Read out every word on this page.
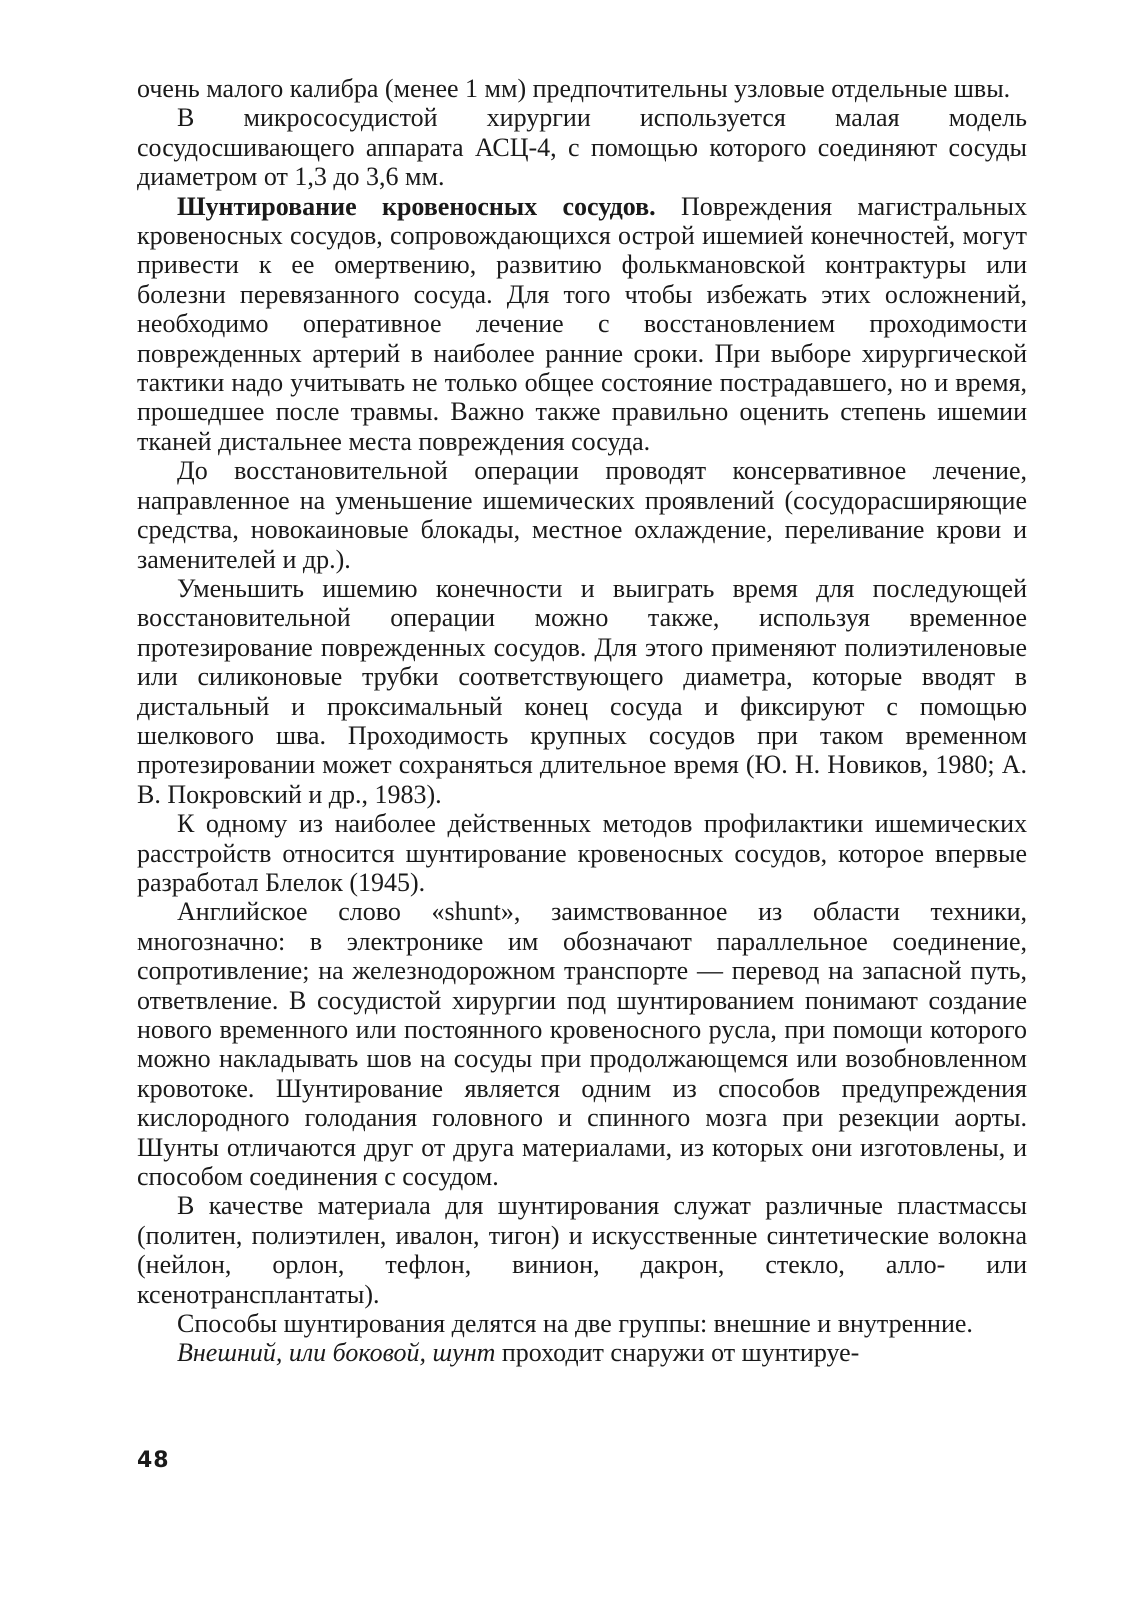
очень малого калибра (менее 1 мм) предпочтительны узловые отдельные швы.

В микрососудистой хирургии используется малая модель сосудосшивающего аппарата АСЦ-4, с помощью которого соединяют сосуды диаметром от 1,3 до 3,6 мм.

Шунтирование кровеносных сосудов. Повреждения магистральных кровеносных сосудов, сопровождающихся острой ишемией конечностей, могут привести к ее омертвению, развитию фолькмановской контрактуры или болезни перевязанного сосуда. Для того чтобы избежать этих осложнений, необходимо оперативное лечение с восстановлением проходимости поврежденных артерий в наиболее ранние сроки. При выборе хирургической тактики надо учитывать не только общее состояние пострадавшего, но и время, прошедшее после травмы. Важно также правильно оценить степень ишемии тканей дистальнее места повреждения сосуда.

До восстановительной операции проводят консервативное лечение, направленное на уменьшение ишемических проявлений (сосудорасширяющие средства, новокаиновые блокады, местное охлаждение, переливание крови и заменителей и др.).

Уменьшить ишемию конечности и выиграть время для последующей восстановительной операции можно также, используя временное протезирование поврежденных сосудов. Для этого применяют полиэтиленовые или силиконовые трубки соответствующего диаметра, которые вводят в дистальный и проксимальный конец сосуда и фиксируют с помощью шелкового шва. Проходимость крупных сосудов при таком временном протезировании может сохраняться длительное время (Ю. Н. Новиков, 1980; А. В. Покровский и др., 1983).

К одному из наиболее действенных методов профилактики ишемических расстройств относится шунтирование кровеносных сосудов, которое впервые разработал Блелок (1945).

Английское слово «shunt», заимствованное из области техники, многозначно: в электронике им обозначают параллельное соединение, сопротивление; на железнодорожном транспорте — перевод на запасной путь, ответвление. В сосудистой хирургии под шунтированием понимают создание нового временного или постоянного кровеносного русла, при помощи которого можно накладывать шов на сосуды при продолжающемся или возобновленном кровотоке. Шунтирование является одним из способов предупреждения кислородного голодания головного и спинного мозга при резекции аорты. Шунты отличаются друг от друга материалами, из которых они изготовлены, и способом соединения с сосудом.

В качестве материала для шунтирования служат различные пластмассы (политен, полиэтилен, ивалон, тигон) и искусственные синтетические волокна (нейлон, орлон, тефлон, винион, дакрон, стекло, алло- или ксенотрансплантаты).

Способы шунтирования делятся на две группы: внешние и внутренние.

Внешний, или боковой, шунт проходит снаружи от шунтируе-

48
